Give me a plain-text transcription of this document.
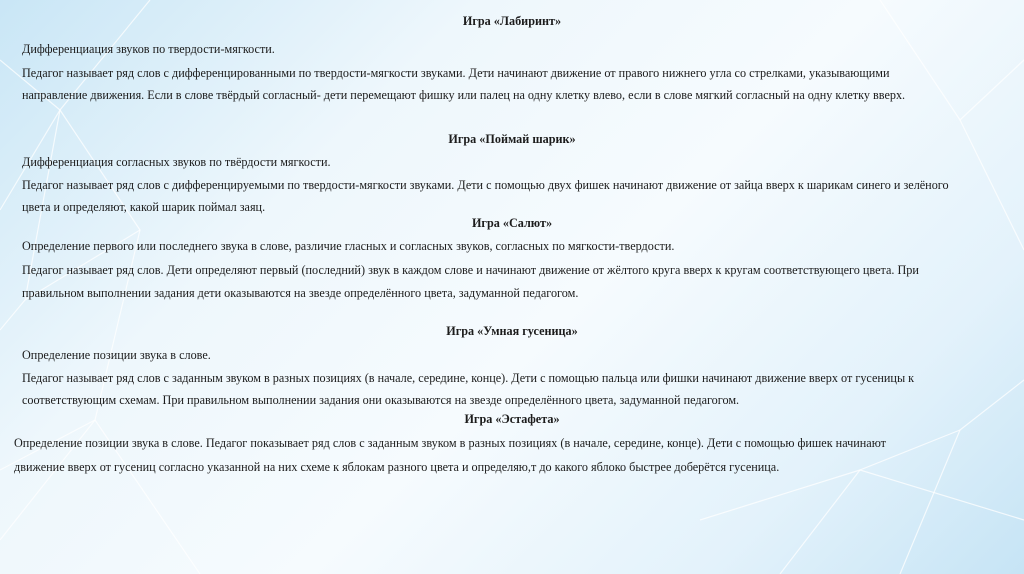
Игра «Лабиринт»
Дифференциация звуков по твердости-мягкости.
Педагог называет ряд слов с дифференцированными по твердости-мягкости звуками. Дети начинают движение от правого нижнего угла со стрелками, указывающими
направление движения. Если в слове твёрдый согласный- дети перемещают фишку или палец на одну клетку влево, если в слове мягкий согласный на одну клетку вверх.
Игра «Поймай шарик»
Дифференциация согласных звуков по твёрдости мягкости.
Педагог называет ряд слов с дифференцируемыми по твердости-мягкости звуками. Дети с помощью двух фишек начинают движение от зайца вверх к шарикам синего и зелёного
цвета и определяют, какой шарик поймал заяц.
Игра «Салют»
Определение первого или последнего звука в слове, различие гласных и согласных звуков, согласных по мягкости-твердости.
Педагог называет ряд слов. Дети определяют первый (последний) звук в каждом слове и начинают движение от жёлтого круга вверх к кругам соответствующего цвета. При
правильном выполнении задания дети оказываются на звезде определённого цвета, задуманной педагогом.
Игра «Умная гусеница»
Определение позиции звука в слове.
Педагог называет ряд слов с заданным звуком в разных позициях (в начале, середине, конце). Дети с помощью пальца или фишки начинают движение вверх от гусеницы к
соответствующим схемам. При правильном выполнении задания они оказываются на звезде определённого цвета, задуманной педагогом.
Игра «Эстафета»
Определение позиции звука в слове. Педагог показывает ряд слов с заданным звуком в разных позициях (в начале, середине, конце). Дети с помощью фишек начинают
движение вверх от гусениц согласно указанной на них схеме к яблокам разного цвета и определяю,т до какого яблоко быстрее доберётся гусеница.
